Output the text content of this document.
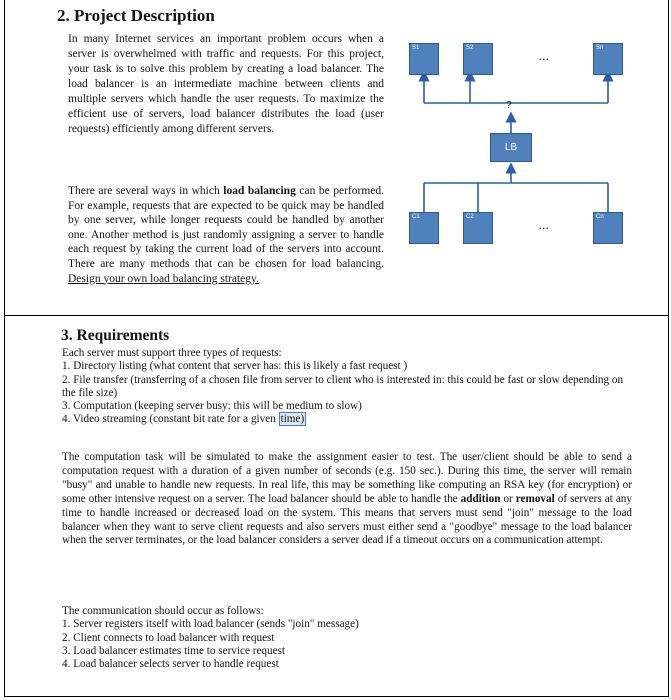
2. Project Description
In many Internet services an important problem occurs when a server is overwhelmed with traffic and requests. For this project, your task is to solve this problem by creating a load balancer. The load balancer is an intermediate machine between clients and multiple servers which handle the user requests. To maximize the efficient use of servers, load balancer distributes the load (user requests) efficiently among different servers.
There are several ways in which load balancing can be performed. For example, requests that are expected to be quick may be handled by one server, while longer requests could be handled by another one. Another method is just randomly assigning a server to handle each request by taking the current load of the servers into account. There are many methods that can be chosen for load balancing. Design your own load balancing strategy.
S1	S2	Sn
...
?
LB
C1	C2	Cn
...
3. Requirements
Each server must support three types of requests:
1. Directory listing (what content that server has: this is likely a fast request )
2. File transfer (transferring of a chosen file from server to client who is interested in: this could be fast or slow depending on the file size)
3. Computation (keeping server busy: this will be medium to slow)
4. Video streaming (constant bit rate for a given time)
The computation task will be simulated to make the assignment easier to test. The user/client should be able to send a computation request with a duration of a given number of seconds (e.g. 150 sec.). During this time, the server will remain "busy" and unable to handle new requests. In real life, this may be something like computing an RSA key (for encryption) or some other intensive request on a server. The load balancer should be able to handle the addition or removal of servers at any time to handle increased or decreased load on the system. This means that servers must send "join" message to the load balancer when they want to serve client requests and also servers must either send a "goodbye" message to the load balancer when the server terminates, or the load balancer considers a server dead if a timeout occurs on a communication attempt.
The communication should occur as follows:
1. Server registers itself with load balancer (sends "join" message)
2. Client connects to load balancer with request
3. Load balancer estimates time to service request
4. Load balancer selects server to handle request
